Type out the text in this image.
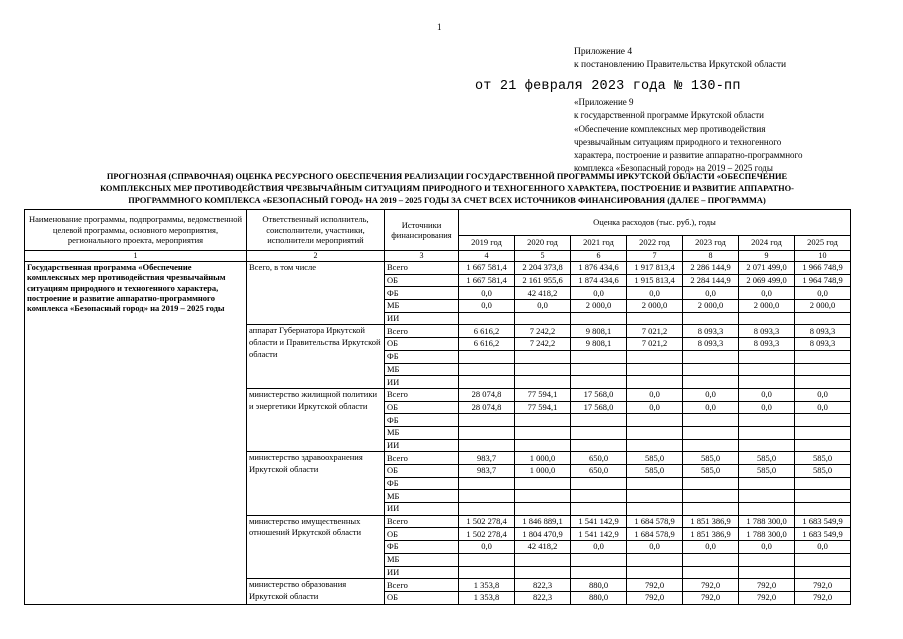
1
Приложение 4
к постановлению Правительства Иркутской области
от 21 февраля 2023 года № 130-пп
«Приложение 9
к государственной программе Иркутской области
«Обеспечение комплексных мер противодействия
чрезвычайным ситуациям природного и техногенного
характера, построение и развитие аппаратно-программного
комплекса «Безопасный город» на 2019 – 2025 годы
ПРОГНОЗНАЯ (СПРАВОЧНАЯ) ОЦЕНКА РЕСУРСНОГО ОБЕСПЕЧЕНИЯ РЕАЛИЗАЦИИ ГОСУДАРСТВЕННОЙ ПРОГРАММЫ ИРКУТСКОЙ ОБЛАСТИ «ОБЕСПЕЧЕНИЕ
КОМПЛЕКСНЫХ МЕР ПРОТИВОДЕЙСТВИЯ ЧРЕЗВЫЧАЙНЫМ СИТУАЦИЯМ ПРИРОДНОГО И ТЕХНОГЕННОГО ХАРАКТЕРА, ПОСТРОЕНИЕ И РАЗВИТИЕ АППАРАТНО-
ПРОГРАММНОГО КОМПЛЕКСА «БЕЗОПАСНЫЙ ГОРОД» НА 2019 – 2025 ГОДЫ ЗА СЧЕТ ВСЕХ ИСТОЧНИКОВ ФИНАНСИРОВАНИЯ (ДАЛЕЕ – ПРОГРАММА)
Наименование программы, подпрограммы, ведомственной целевой программы, основного мероприятия, регионального проекта, мероприятия	Ответственный исполнитель, соисполнители, участники, исполнители мероприятий	Источники финансирования	Оценка расходов (тыс. руб.), годы						
			2019 год	2020 год	2021 год	2022 год	2023 год	2024 год	2025 год
1	2	3	4	5	6	7	8	9	10
Государственная программа «Обеспечение комплексных мер противодействия чрезвычайным ситуациям природного и техногенного характера, построение и развитие аппаратно-программного комплекса «Безопасный город» на 2019 – 2025 годы	Всего, в том числе	Всего	1 667 581,4	2 204 373,8	1 876 434,6	1 917 813,4	2 286 144,9	2 071 499,0	1 966 748,9
		ОБ	1 667 581,4	2 161 955,6	1 874 434,6	1 915 813,4	2 284 144,9	2 069 499,0	1 964 748,9
		ФБ	0,0	42 418,2	0,0	0,0	0,0	0,0	0,0
		МБ	0,0	0,0	2 000,0	2 000,0	2 000,0	2 000,0	2 000,0
		ИИ							
	аппарат Губернатора Иркутской области и Правительства Иркутской области	Всего	6 616,2	7 242,2	9 808,1	7 021,2	8 093,3	8 093,3	8 093,3
		ОБ	6 616,2	7 242,2	9 808,1	7 021,2	8 093,3	8 093,3	8 093,3
		ФБ							
		МБ							
		ИИ							
	министерство жилищной политики и энергетики Иркутской области	Всего	28 074,8	77 594,1	17 568,0	0,0	0,0	0,0	0,0
		ОБ	28 074,8	77 594,1	17 568,0	0,0	0,0	0,0	0,0
		ФБ							
		МБ							
		ИИ							
	министерство здравоохранения Иркутской области	Всего	983,7	1 000,0	650,0	585,0	585,0	585,0	585,0
		ОБ	983,7	1 000,0	650,0	585,0	585,0	585,0	585,0
		ФБ							
		МБ							
		ИИ							
	министерство имущественных отношений Иркутской области	Всего	1 502 278,4	1 846 889,1	1 541 142,9	1 684 578,9	1 851 386,9	1 788 300,0	1 683 549,9
		ОБ	1 502 278,4	1 804 470,9	1 541 142,9	1 684 578,9	1 851 386,9	1 788 300,0	1 683 549,9
		ФБ	0,0	42 418,2	0,0	0,0	0,0	0,0	0,0
		МБ							
		ИИ							
	министерство образования Иркутской области	Всего	1 353,8	822,3	880,0	792,0	792,0	792,0	792,0
		ОБ	1 353,8	822,3	880,0	792,0	792,0	792,0	792,0
